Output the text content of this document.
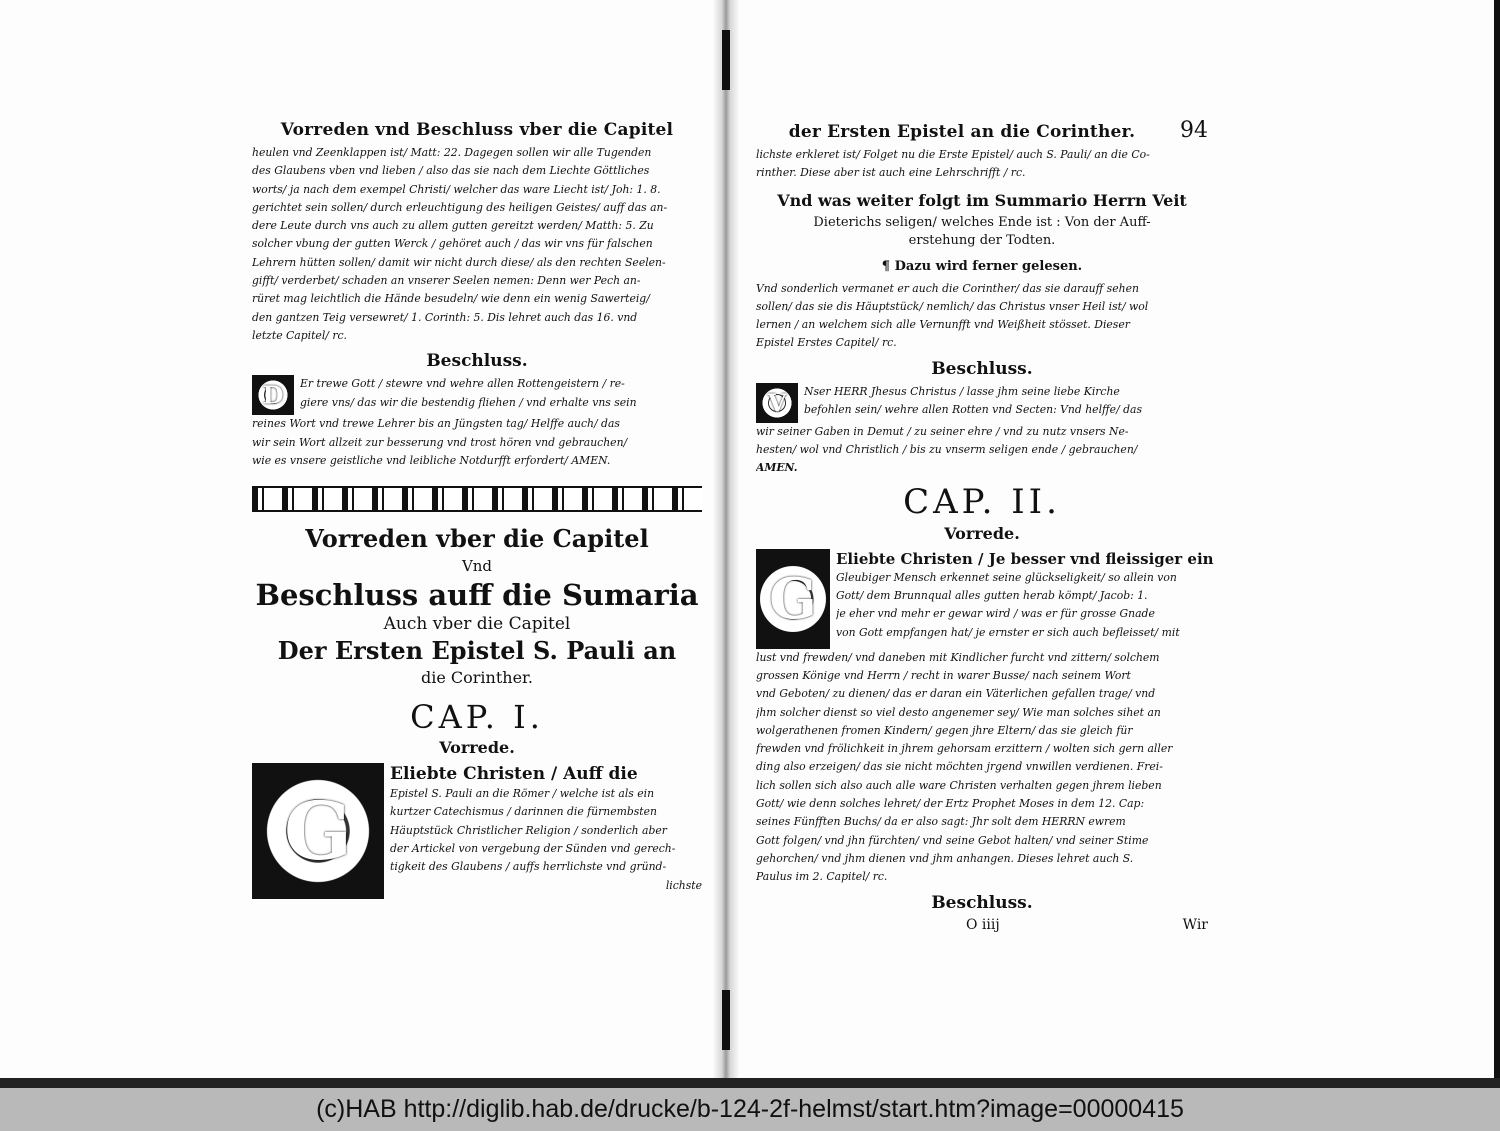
Vorreden vnd Beschluss vber die Capitel
heulen vnd Zeenklappen ist/ Matt: 22. Dagegen sollen wir alle Tugenden
des Glaubens vben vnd lieben / also das sie nach dem Liechte Göttliches
worts/ ja nach dem exempel Christi/ welcher das ware Liecht ist/ Joh: 1. 8.
gerichtet sein sollen/ durch erleuchtigung des heiligen Geistes/ auff das an-
dere Leute durch vns auch zu allem gutten gereitzt werden/ Matth: 5. Zu
solcher vbung der gutten Werck / gehöret auch / das wir vns für falschen
Lehrern hütten sollen/ damit wir nicht durch diese/ als den rechten Seelen-
gifft/ verderbet/ schaden an vnserer Seelen nemen: Denn wer Pech an-
rüret mag leichtlich die Hände besudeln/ wie denn ein wenig Sawerteig/
den gantzen Teig versewret/ 1. Corinth: 5. Dis lehret auch das 16. vnd
letzte Capitel/ rc.
Beschluss.
D	Er trewe Gott / stewre vnd wehre allen Rottengeistern / re-
giere vns/ das wir die bestendig fliehen / vnd erhalte vns sein
reines Wort vnd trewe Lehrer bis an Jüngsten tag/ Helffe auch/ das
wir sein Wort allzeit zur besserung vnd trost hören vnd gebrauchen/
wie es vnsere geistliche vnd leibliche Notdurfft erfordert/ AMEN.
Vorreden vber die Capitel
Vnd
Beschluss auff die Sumaria
Auch vber die Capitel
Der Ersten Epistel S. Pauli an
die Corinther.
CAP. I.
Vorrede.
G
Eliebte Christen / Auff die
Epistel S. Pauli an die Römer / welche ist als ein
kurtzer Catechismus / darinnen die fürnembsten
Häuptstück Christlicher Religion / sonderlich aber
der Artickel von vergebung der Sünden vnd gerech-
tigkeit des Glaubens / auffs herrlichste vnd gründ-
lichste
der Ersten Epistel an die Corinther.	94
lichste erkleret ist/ Folget nu die Erste Epistel/ auch S. Pauli/ an die Co-
rinther. Diese aber ist auch eine Lehrschrifft / rc.
Vnd was weiter folgt im Summario Herrn Veit
Dieterichs seligen/ welches Ende ist : Von der Auff-
erstehung der Todten.
¶ Dazu wird ferner gelesen.
Vnd sonderlich vermanet er auch die Corinther/ das sie darauff sehen
sollen/ das sie dis Häuptstück/ nemlich/ das Christus vnser Heil ist/ wol
lernen / an welchem sich alle Vernunfft vnd Weißheit stösset. Dieser
Epistel Erstes Capitel/ rc.
Beschluss.
V	Nser HERR Jhesus Christus / lasse jhm seine liebe Kirche
befohlen sein/ wehre allen Rotten vnd Secten: Vnd helffe/ das
wir seiner Gaben in Demut / zu seiner ehre / vnd zu nutz vnsers Ne-
hesten/ wol vnd Christlich / bis zu vnserm seligen ende / gebrauchen/
AMEN.
CAP. II.
Vorrede.
G
Eliebte Christen / Je besser vnd fleissiger ein
Gleubiger Mensch erkennet seine glückseligkeit/ so allein von
Gott/ dem Brunnqual alles gutten herab kömpt/ Jacob: 1.
je eher vnd mehr er gewar wird / was er für grosse Gnade
von Gott empfangen hat/ je ernster er sich auch befleisset/ mit
lust vnd frewden/ vnd daneben mit Kindlicher furcht vnd zittern/ solchem
grossen Könige vnd Herrn / recht in warer Busse/ nach seinem Wort
vnd Geboten/ zu dienen/ das er daran ein Väterlichen gefallen trage/ vnd
jhm solcher dienst so viel desto angenemer sey/ Wie man solches sihet an
wolgerathenen fromen Kindern/ gegen jhre Eltern/ das sie gleich für
frewden vnd frölichkeit in jhrem gehorsam erzittern / wolten sich gern aller
ding also erzeigen/ das sie nicht möchten jrgend vnwillen verdienen. Frei-
lich sollen sich also auch alle ware Christen verhalten gegen jhrem lieben
Gott/ wie denn solches lehret/ der Ertz Prophet Moses in dem 12. Cap:
seines Fünfften Buchs/ da er also sagt: Jhr solt dem HERRN ewrem
Gott folgen/ vnd jhn fürchten/ vnd seine Gebot halten/ vnd seiner Stime
gehorchen/ vnd jhm dienen vnd jhm anhangen. Dieses lehret auch S.
Paulus im 2. Capitel/ rc.
Beschluss.
O iiij	Wir
(c)HAB http://diglib.hab.de/drucke/b-124-2f-helmst/start.htm?image=00000415
